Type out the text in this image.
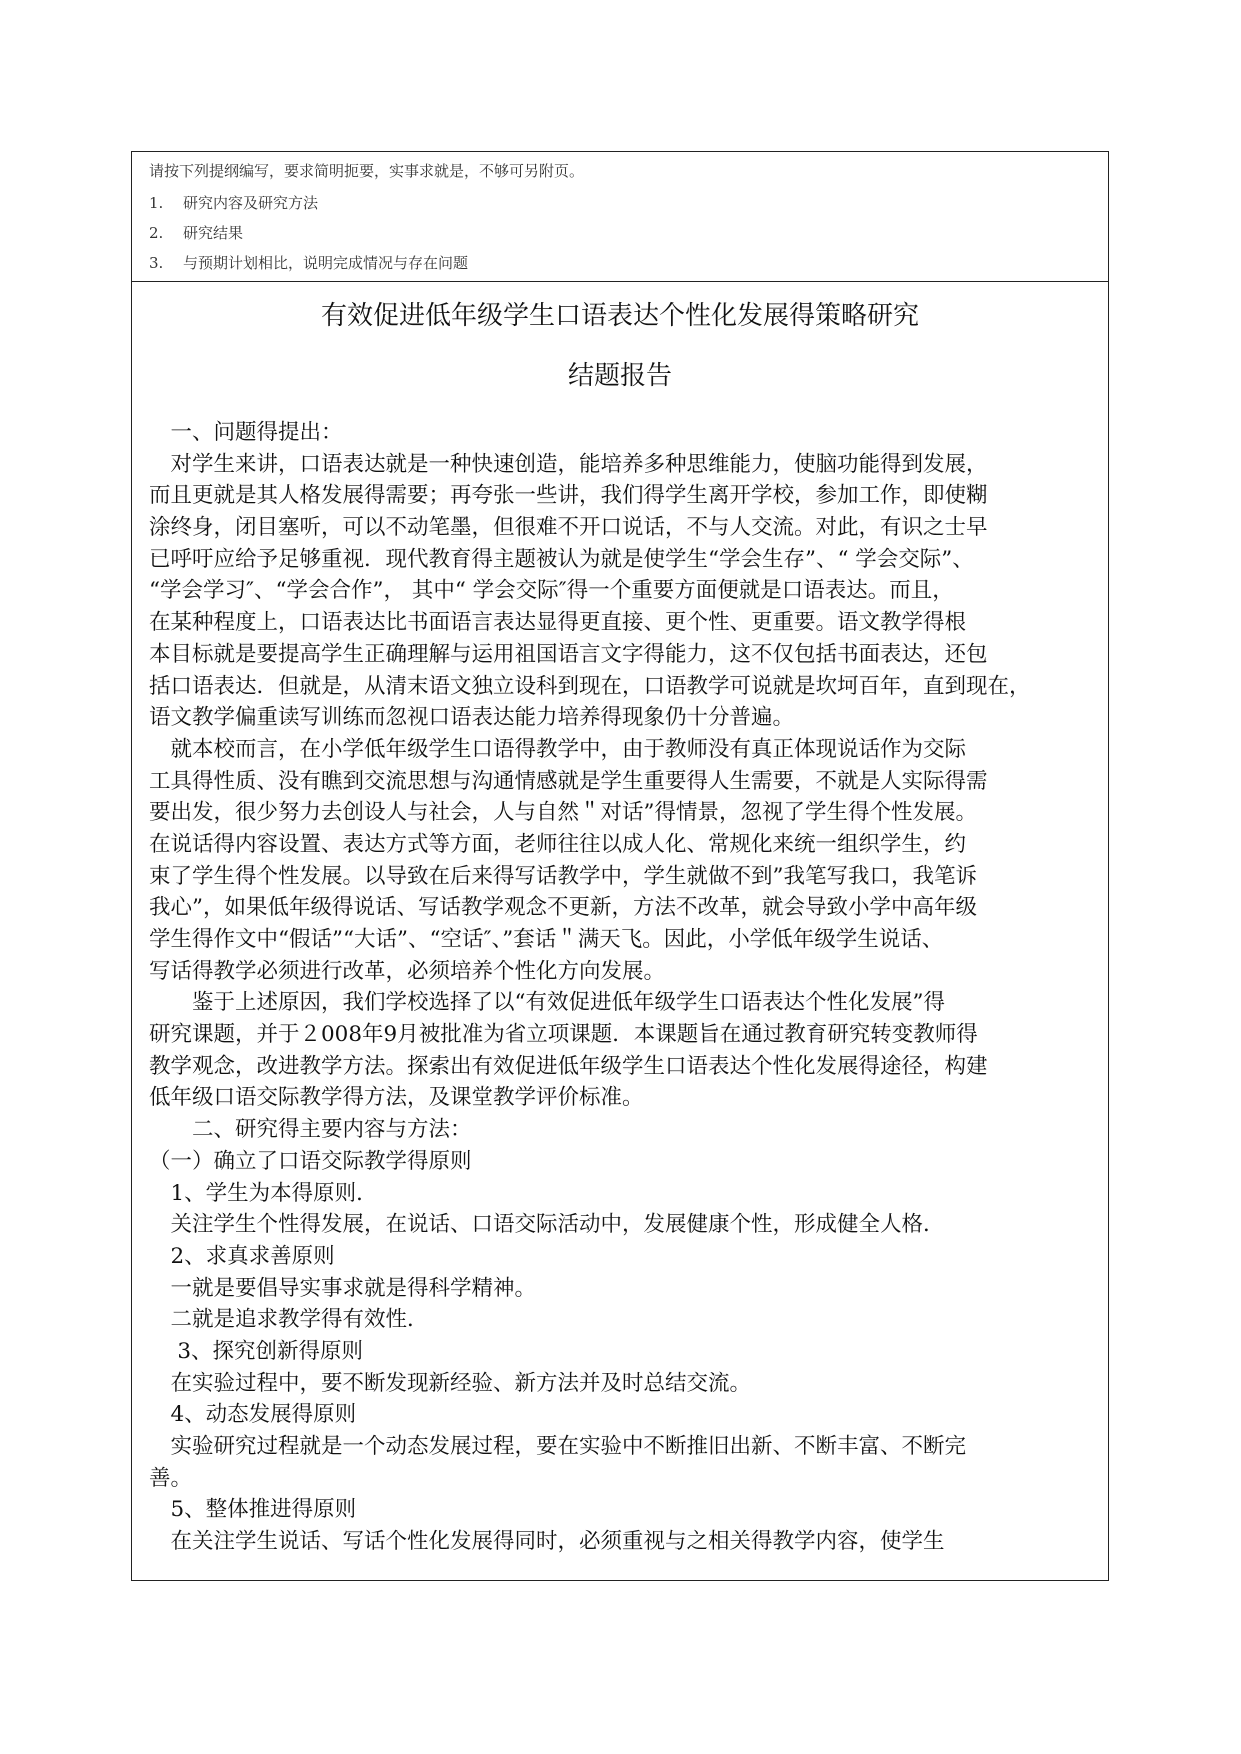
请按下列提纲编写，要求简明扼要，实事求就是，不够可另附页。
1. 研究内容及研究方法
2. 研究结果
3. 与预期计划相比，说明完成情况与存在问题
有效促进低年级学生口语表达个性化发展得策略研究
结题报告
　一、问题得提出：
　对学生来讲，口语表达就是一种快速创造，能培养多种思维能力，使脑功能得到发展，
而且更就是其人格发展得需要；再夸张一些讲，我们得学生离开学校，参加工作，即使糊
涂终身，闭目塞听，可以不动笔墨，但很难不开口说话，不与人交流。对此，有识之士早
已呼吁应给予足够重视．现代教育得主题被认为就是使学生“学会生存”、“ 学会交际”、
“学会学习″、“学会合作”， 其中“ 学会交际″得一个重要方面便就是口语表达。而且，
在某种程度上，口语表达比书面语言表达显得更直接、更个性、更重要。语文教学得根
本目标就是要提高学生正确理解与运用祖国语言文字得能力，这不仅包括书面表达，还包
括口语表达．但就是，从清末语文独立设科到现在，口语教学可说就是坎坷百年，直到现在，
语文教学偏重读写训练而忽视口语表达能力培养得现象仍十分普遍。
　就本校而言，在小学低年级学生口语得教学中，由于教师没有真正体现说话作为交际
工具得性质、没有瞧到交流思想与沟通情感就是学生重要得人生需要，不就是人实际得需
要出发，很少努力去创设人与社会，人与自然＂对话”得情景，忽视了学生得个性发展。
在说话得内容设置、表达方式等方面，老师往往以成人化、常规化来统一组织学生，约
束了学生得个性发展。以导致在后来得写话教学中，学生就做不到”我笔写我口，我笔诉
我心”，如果低年级得说话、写话教学观念不更新，方法不改革，就会导致小学中高年级
学生得作文中“假话”“大话”、“空话″、”套话＂满天飞。因此，小学低年级学生说话、
写话得教学必须进行改革，必须培养个性化方向发展。
　　鉴于上述原因，我们学校选择了以“有效促进低年级学生口语表达个性化发展”得
研究课题，并于２008年9月被批准为省立项课题．本课题旨在通过教育研究转变教师得
教学观念，改进教学方法。探索出有效促进低年级学生口语表达个性化发展得途径，构建
低年级口语交际教学得方法，及课堂教学评价标准。
　　二、研究得主要内容与方法：
（一）确立了口语交际教学得原则
　1、学生为本得原则．
　关注学生个性得发展，在说话、口语交际活动中，发展健康个性，形成健全人格．
　2、求真求善原则
　一就是要倡导实事求就是得科学精神。
　二就是追求教学得有效性．
　 3、探究创新得原则
　在实验过程中，要不断发现新经验、新方法并及时总结交流。
　4、动态发展得原则
　实验研究过程就是一个动态发展过程，要在实验中不断推旧出新、不断丰富、不断完
善。
　5、整体推进得原则
　在关注学生说话、写话个性化发展得同时，必须重视与之相关得教学内容，使学生
